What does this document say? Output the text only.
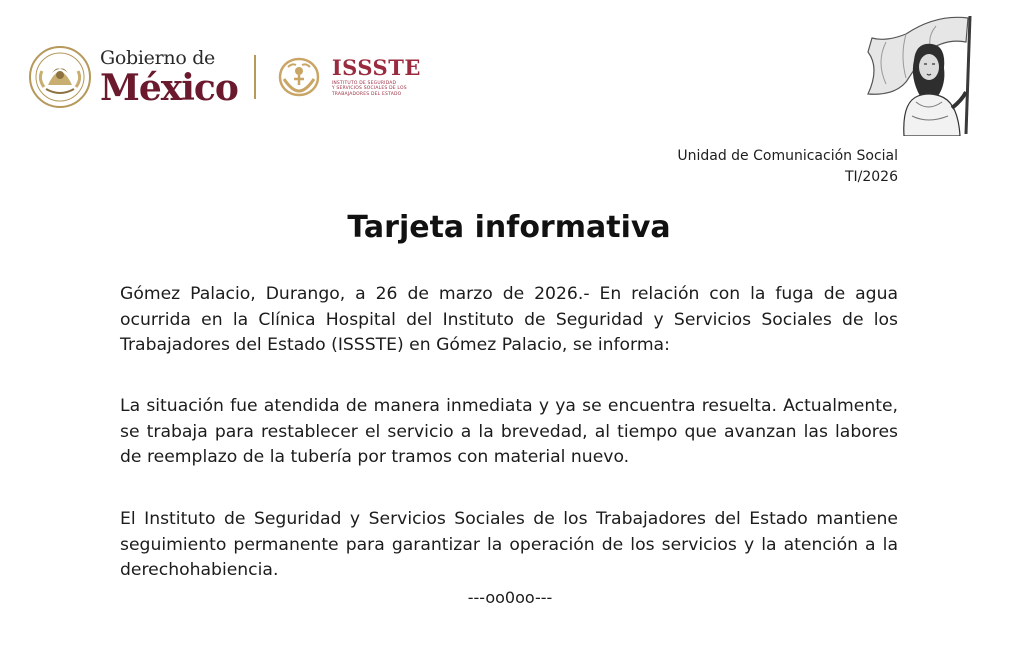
Gobierno de
México	ISSSTE
INSTITUTO DE SEGURIDAD
Y SERVICIOS SOCIALES DE LOS
TRABAJADORES DEL ESTADO
Unidad de Comunicación Social
TI/2026
Tarjeta informativa
Gómez Palacio, Durango, a 26 de marzo de 2026.- En relación con la fuga de agua ocurrida en la Clínica Hospital del Instituto de Seguridad y Servicios Sociales de los Trabajadores del Estado (ISSSTE) en Gómez Palacio, se informa:
La situación fue atendida de manera inmediata y ya se encuentra resuelta. Actualmente, se trabaja para restablecer el servicio a la brevedad, al tiempo que avanzan las labores de reemplazo de la tubería por tramos con material nuevo.
El Instituto de Seguridad y Servicios Sociales de los Trabajadores del Estado mantiene seguimiento permanente para garantizar la operación de los servicios y la atención a la derechohabiencia.
---oo0oo---
